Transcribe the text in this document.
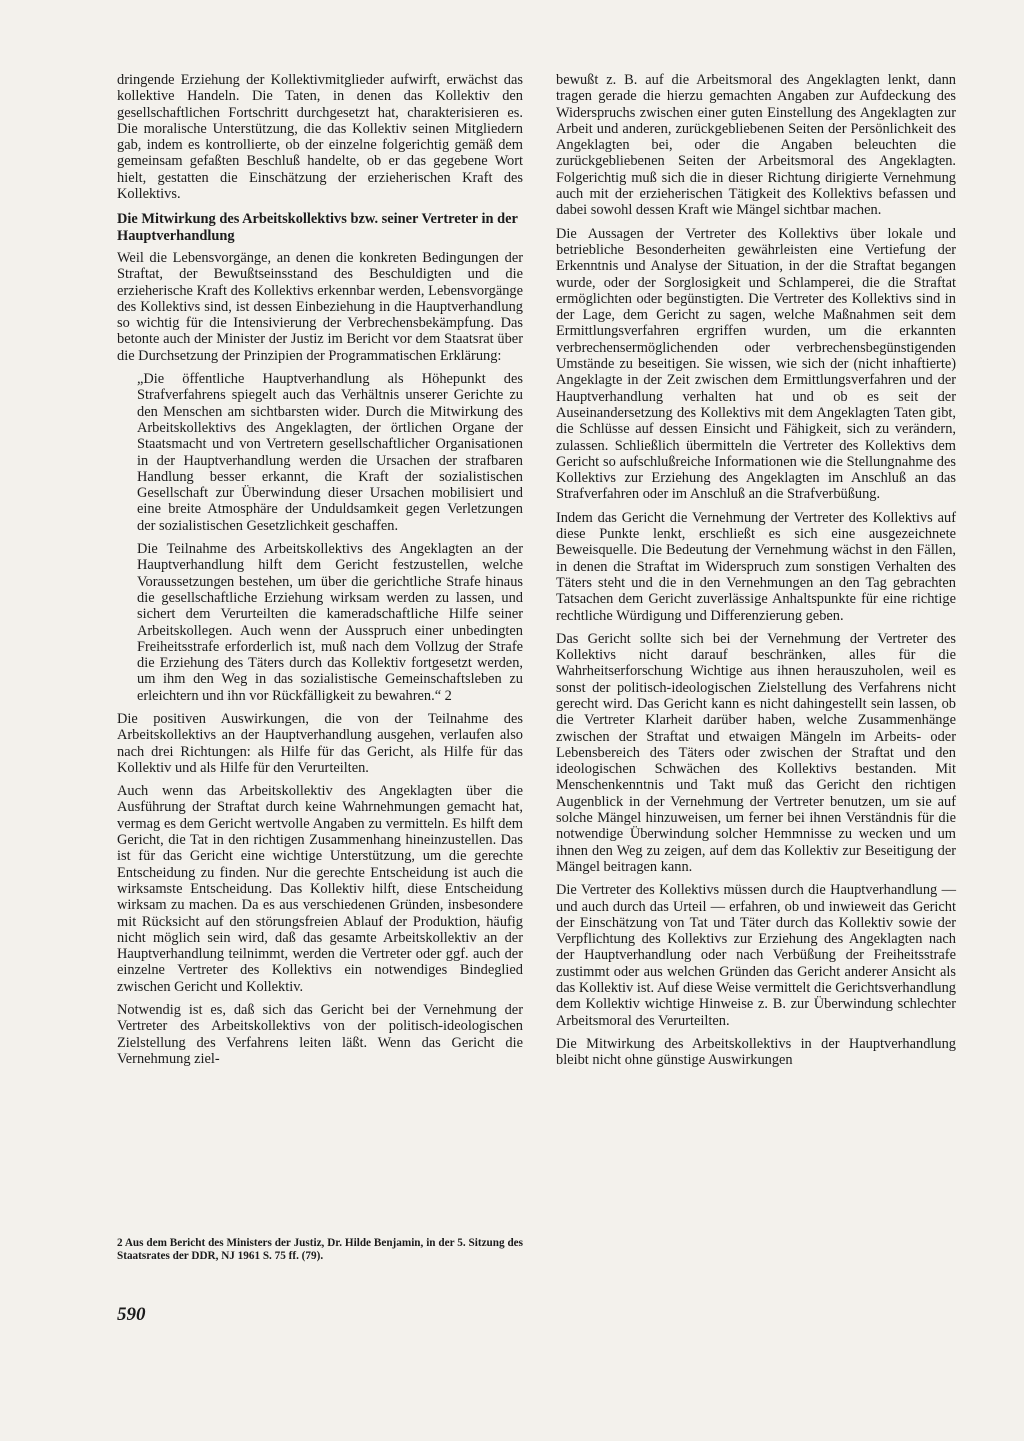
dringende Erziehung der Kollektivmitglieder aufwirft, erwächst das kollektive Handeln. Die Taten, in denen das Kollektiv den gesellschaftlichen Fortschritt durchgesetzt hat, charakterisieren es. Die moralische Unterstützung, die das Kollektiv seinen Mitgliedern gab, indem es kontrollierte, ob der einzelne folgerichtig gemäß dem gemeinsam gefaßten Beschluß handelte, ob er das gegebene Wort hielt, gestatten die Einschätzung der erzieherischen Kraft des Kollektivs.

Die Mitwirkung des Arbeitskollektivs bzw. seiner Vertreter in der Hauptverhandlung

Weil die Lebensvorgänge, an denen die konkreten Bedingungen der Straftat, der Bewußtseinsstand des Beschuldigten und die erzieherische Kraft des Kollektivs erkennbar werden, Lebensvorgänge des Kollektivs sind, ist dessen Einbeziehung in die Hauptverhandlung so wichtig für die Intensivierung der Verbrechensbekämpfung. Das betonte auch der Minister der Justiz im Bericht vor dem Staatsrat über die Durchsetzung der Prinzipien der Programmatischen Erklärung:

„Die öffentliche Hauptverhandlung als Höhepunkt des Strafverfahrens spiegelt auch das Verhältnis unserer Gerichte zu den Menschen am sichtbarsten wider. Durch die Mitwirkung des Arbeitskollektivs des Angeklagten, der örtlichen Organe der Staatsmacht und von Vertretern gesellschaftlicher Organisationen in der Hauptverhandlung werden die Ursachen der strafbaren Handlung besser erkannt, die Kraft der sozialistischen Gesellschaft zur Überwindung dieser Ursachen mobilisiert und eine breite Atmosphäre der Unduldsamkeit gegen Verletzungen der sozialistischen Gesetzlichkeit geschaffen.

Die Teilnahme des Arbeitskollektivs des Angeklagten an der Hauptverhandlung hilft dem Gericht festzustellen, welche Voraussetzungen bestehen, um über die gerichtliche Strafe hinaus die gesellschaftliche Erziehung wirksam werden zu lassen, und sichert dem Verurteilten die kameradschaftliche Hilfe seiner Arbeitskollegen. Auch wenn der Ausspruch einer unbedingten Freiheitsstrafe erforderlich ist, muß nach dem Vollzug der Strafe die Erziehung des Täters durch das Kollektiv fortgesetzt werden, um ihm den Weg in das sozialistische Gemeinschaftsleben zu erleichtern und ihn vor Rückfälligkeit zu bewahren.“ 2

Die positiven Auswirkungen, die von der Teilnahme des Arbeitskollektivs an der Hauptverhandlung ausgehen, verlaufen also nach drei Richtungen: als Hilfe für das Gericht, als Hilfe für das Kollektiv und als Hilfe für den Verurteilten.

Auch wenn das Arbeitskollektiv des Angeklagten über die Ausführung der Straftat durch keine Wahrnehmungen gemacht hat, vermag es dem Gericht wertvolle Angaben zu vermitteln. Es hilft dem Gericht, die Tat in den richtigen Zusammenhang hineinzustellen. Das ist für das Gericht eine wichtige Unterstützung, um die gerechte Entscheidung zu finden. Nur die gerechte Entscheidung ist auch die wirksamste Entscheidung. Das Kollektiv hilft, diese Entscheidung wirksam zu machen. Da es aus verschiedenen Gründen, insbesondere mit Rücksicht auf den störungsfreien Ablauf der Produktion, häufig nicht möglich sein wird, daß das gesamte Arbeitskollektiv an der Hauptverhandlung teilnimmt, werden die Vertreter oder ggf. auch der einzelne Vertreter des Kollektivs ein notwendiges Bindeglied zwischen Gericht und Kollektiv.

Notwendig ist es, daß sich das Gericht bei der Vernehmung der Vertreter des Arbeitskollektivs von der politisch-ideologischen Zielstellung des Verfahrens leiten läßt. Wenn das Gericht die Vernehmung ziel-

2 Aus dem Bericht des Ministers der Justiz, Dr. Hilde Benjamin, in der 5. Sitzung des Staatsrates der DDR, NJ 1961 S. 75 ff. (79).
590

bewußt z. B. auf die Arbeitsmoral des Angeklagten lenkt, dann tragen gerade die hierzu gemachten Angaben zur Aufdeckung des Widerspruchs zwischen einer guten Einstellung des Angeklagten zur Arbeit und anderen, zurückgebliebenen Seiten der Persönlichkeit des Angeklagten bei, oder die Angaben beleuchten die zurückgebliebenen Seiten der Arbeitsmoral des Angeklagten. Folgerichtig muß sich die in dieser Richtung dirigierte Vernehmung auch mit der erzieherischen Tätigkeit des Kollektivs befassen und dabei sowohl dessen Kraft wie Mängel sichtbar machen.

Die Aussagen der Vertreter des Kollektivs über lokale und betriebliche Besonderheiten gewährleisten eine Vertiefung der Erkenntnis und Analyse der Situation, in der die Straftat begangen wurde, oder der Sorglosigkeit und Schlamperei, die die Straftat ermöglichten oder begünstigten. Die Vertreter des Kollektivs sind in der Lage, dem Gericht zu sagen, welche Maßnahmen seit dem Ermittlungsverfahren ergriffen wurden, um die erkannten verbrechensermöglichenden oder verbrechensbegünstigenden Umstände zu beseitigen. Sie wissen, wie sich der (nicht inhaftierte) Angeklagte in der Zeit zwischen dem Ermittlungsverfahren und der Hauptverhandlung verhalten hat und ob es seit der Auseinandersetzung des Kollektivs mit dem Angeklagten Taten gibt, die Schlüsse auf dessen Einsicht und Fähigkeit, sich zu verändern, zulassen. Schließlich übermitteln die Vertreter des Kollektivs dem Gericht so aufschlußreiche Informationen wie die Stellungnahme des Kollektivs zur Erziehung des Angeklagten im Anschluß an das Strafverfahren oder im Anschluß an die Strafverbüßung.

Indem das Gericht die Vernehmung der Vertreter des Kollektivs auf diese Punkte lenkt, erschließt es sich eine ausgezeichnete Beweisquelle. Die Bedeutung der Vernehmung wächst in den Fällen, in denen die Straftat im Widerspruch zum sonstigen Verhalten des Täters steht und die in den Vernehmungen an den Tag gebrachten Tatsachen dem Gericht zuverlässige Anhaltspunkte für eine richtige rechtliche Würdigung und Differenzierung geben.

Das Gericht sollte sich bei der Vernehmung der Vertreter des Kollektivs nicht darauf beschränken, alles für die Wahrheitserforschung Wichtige aus ihnen herauszuholen, weil es sonst der politisch-ideologischen Zielstellung des Verfahrens nicht gerecht wird. Das Gericht kann es nicht dahingestellt sein lassen, ob die Vertreter Klarheit darüber haben, welche Zusammenhänge zwischen der Straftat und etwaigen Mängeln im Arbeits- oder Lebensbereich des Täters oder zwischen der Straftat und den ideologischen Schwächen des Kollektivs bestanden. Mit Menschenkenntnis und Takt muß das Gericht den richtigen Augenblick in der Vernehmung der Vertreter benutzen, um sie auf solche Mängel hinzuweisen, um ferner bei ihnen Verständnis für die notwendige Überwindung solcher Hemmnisse zu wecken und um ihnen den Weg zu zeigen, auf dem das Kollektiv zur Beseitigung der Mängel beitragen kann.

Die Vertreter des Kollektivs müssen durch die Hauptverhandlung — und auch durch das Urteil — erfahren, ob und inwieweit das Gericht der Einschätzung von Tat und Täter durch das Kollektiv sowie der Verpflichtung des Kollektivs zur Erziehung des Angeklagten nach der Hauptverhandlung oder nach Verbüßung der Freiheitsstrafe zustimmt oder aus welchen Gründen das Gericht anderer Ansicht als das Kollektiv ist. Auf diese Weise vermittelt die Gerichtsverhandlung dem Kollektiv wichtige Hinweise z. B. zur Überwindung schlechter Arbeitsmoral des Verurteilten.

Die Mitwirkung des Arbeitskollektivs in der Hauptverhandlung bleibt nicht ohne günstige Auswirkungen
